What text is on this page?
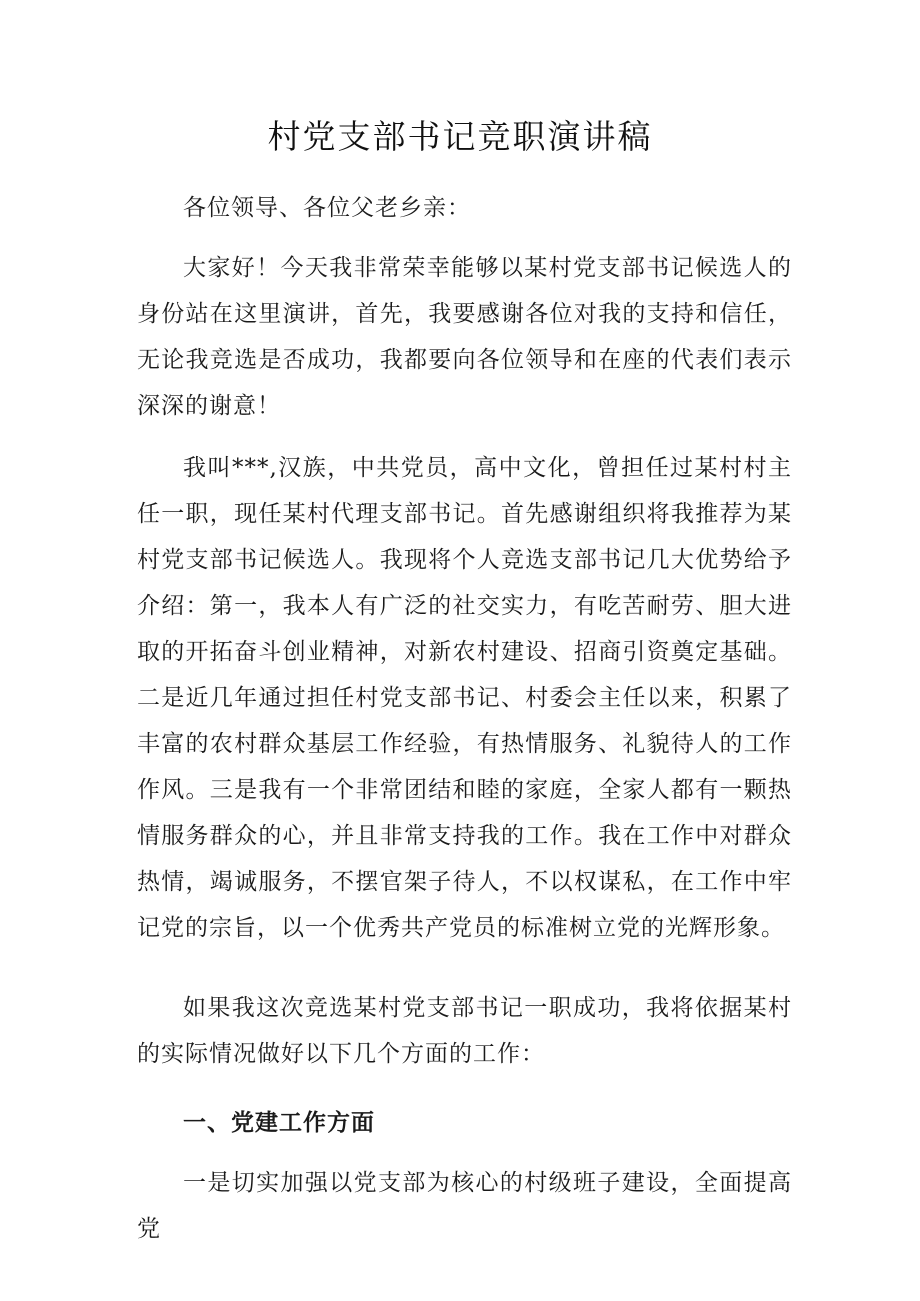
村党支部书记竞职演讲稿

各位领导、各位父老乡亲：

大家好！今天我非常荣幸能够以某村党支部书记候选人的身份站在这里演讲，首先，我要感谢各位对我的支持和信任，无论我竞选是否成功，我都要向各位领导和在座的代表们表示深深的谢意！

我叫***,汉族，中共党员，高中文化，曾担任过某村村主任一职，现任某村代理支部书记。首先感谢组织将我推荐为某村党支部书记候选人。我现将个人竞选支部书记几大优势给予介绍：第一，我本人有广泛的社交实力，有吃苦耐劳、胆大进取的开拓奋斗创业精神，对新农村建设、招商引资奠定基础。二是近几年通过担任村党支部书记、村委会主任以来，积累了丰富的农村群众基层工作经验，有热情服务、礼貌待人的工作作风。三是我有一个非常团结和睦的家庭，全家人都有一颗热情服务群众的心，并且非常支持我的工作。我在工作中对群众热情，竭诚服务，不摆官架子待人，不以权谋私，在工作中牢记党的宗旨，以一个优秀共产党员的标准树立党的光辉形象。

如果我这次竞选某村党支部书记一职成功，我将依据某村的实际情况做好以下几个方面的工作：

一、党建工作方面

一是切实加强以党支部为核心的村级班子建设，全面提高党
